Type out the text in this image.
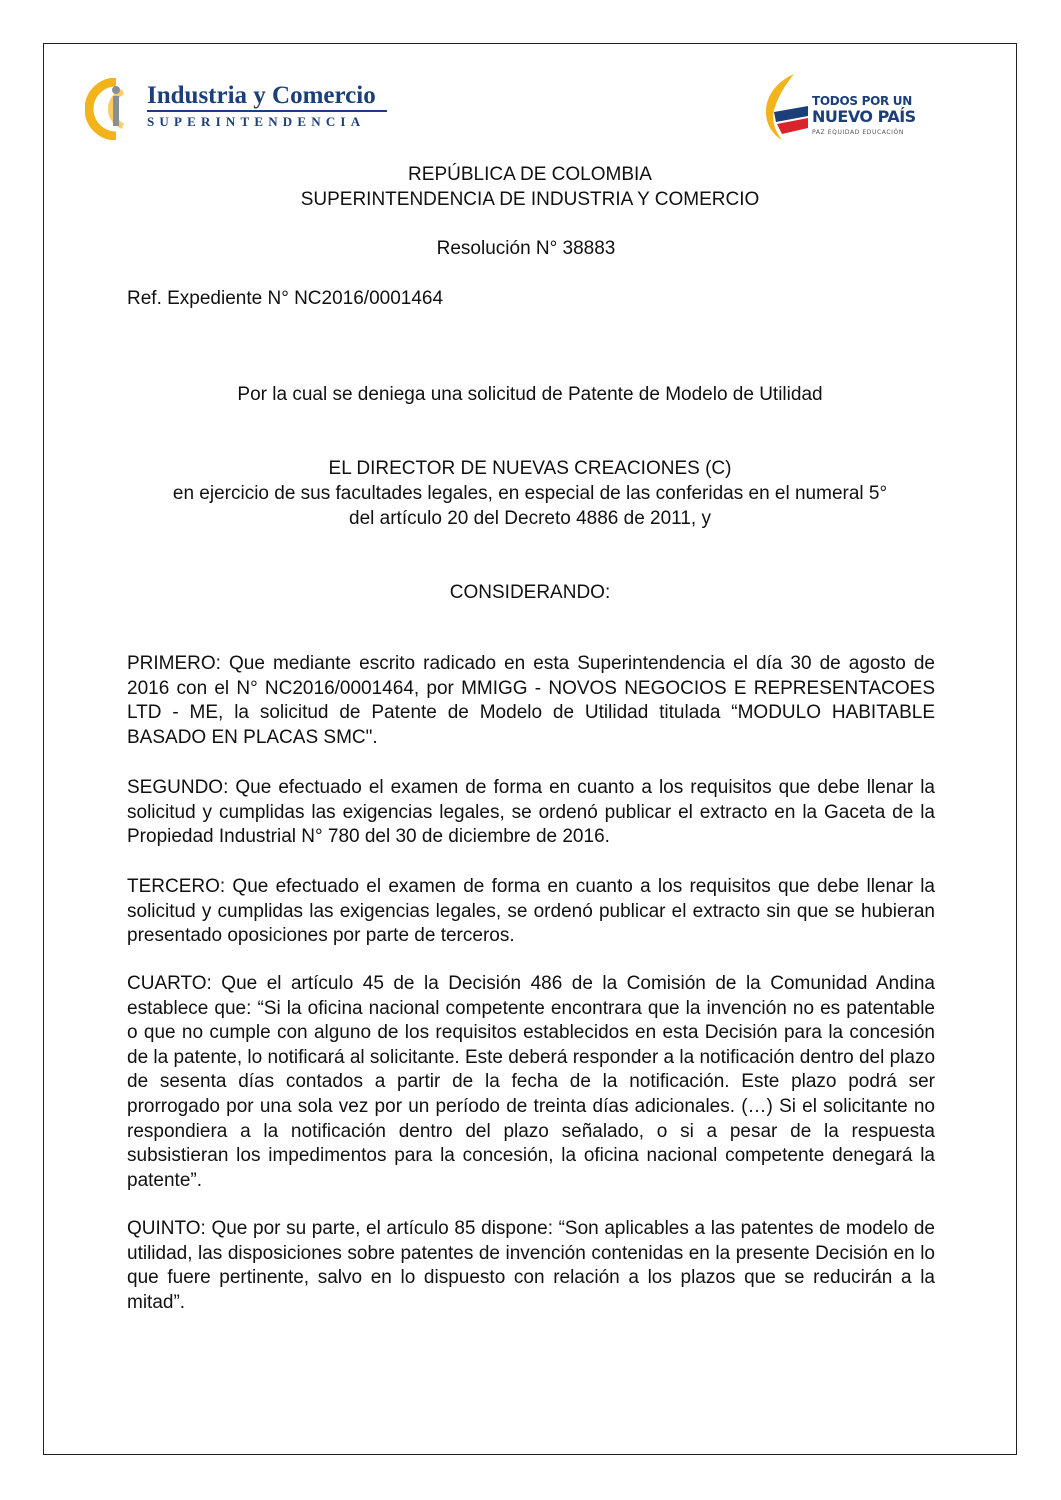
Industria y Comercio
SUPERINTENDENCIA
TODOS POR UN
NUEVO PAÍS
PAZ EQUIDAD EDUCACIÓN
REPÚBLICA DE COLOMBIA
SUPERINTENDENCIA DE INDUSTRIA Y COMERCIO
Resolución N° 38883
Ref. Expediente N° NC2016/0001464
Por la cual se deniega una solicitud de Patente de Modelo de Utilidad
EL DIRECTOR DE NUEVAS CREACIONES (C)
en ejercicio de sus facultades legales, en especial de las conferidas en el numeral 5°
del artículo 20 del Decreto 4886 de 2011, y
CONSIDERANDO:

PRIMERO: Que mediante escrito radicado en esta Superintendencia el día 30 de agosto de 2016 con el N° NC2016/0001464, por MMIGG - NOVOS NEGOCIOS E REPRESENTACOES LTD - ME, la solicitud de Patente de Modelo de Utilidad titulada “MODULO HABITABLE BASADO EN PLACAS SMC".

SEGUNDO: Que efectuado el examen de forma en cuanto a los requisitos que debe llenar la solicitud y cumplidas las exigencias legales, se ordenó publicar el extracto en la Gaceta de la Propiedad Industrial N° 780 del 30 de diciembre de 2016.

TERCERO: Que efectuado el examen de forma en cuanto a los requisitos que debe llenar la solicitud y cumplidas las exigencias legales, se ordenó publicar el extracto sin que se hubieran presentado oposiciones por parte de terceros.

CUARTO: Que el artículo 45 de la Decisión 486 de la Comisión de la Comunidad Andina establece que: “Si la oficina nacional competente encontrara que la invención no es patentable o que no cumple con alguno de los requisitos establecidos en esta Decisión para la concesión de la patente, lo notificará al solicitante. Este deberá responder a la notificación dentro del plazo de sesenta días contados a partir de la fecha de la notificación. Este plazo podrá ser prorrogado por una sola vez por un período de treinta días adicionales. (…) Si el solicitante no respondiera a la notificación dentro del plazo señalado, o si a pesar de la respuesta subsistieran los impedimentos para la concesión, la oficina nacional competente denegará la patente”.

QUINTO: Que por su parte, el artículo 85 dispone: “Son aplicables a las patentes de modelo de utilidad, las disposiciones sobre patentes de invención contenidas en la presente Decisión en lo que fuere pertinente, salvo en lo dispuesto con relación a los plazos que se reducirán a la mitad”.
